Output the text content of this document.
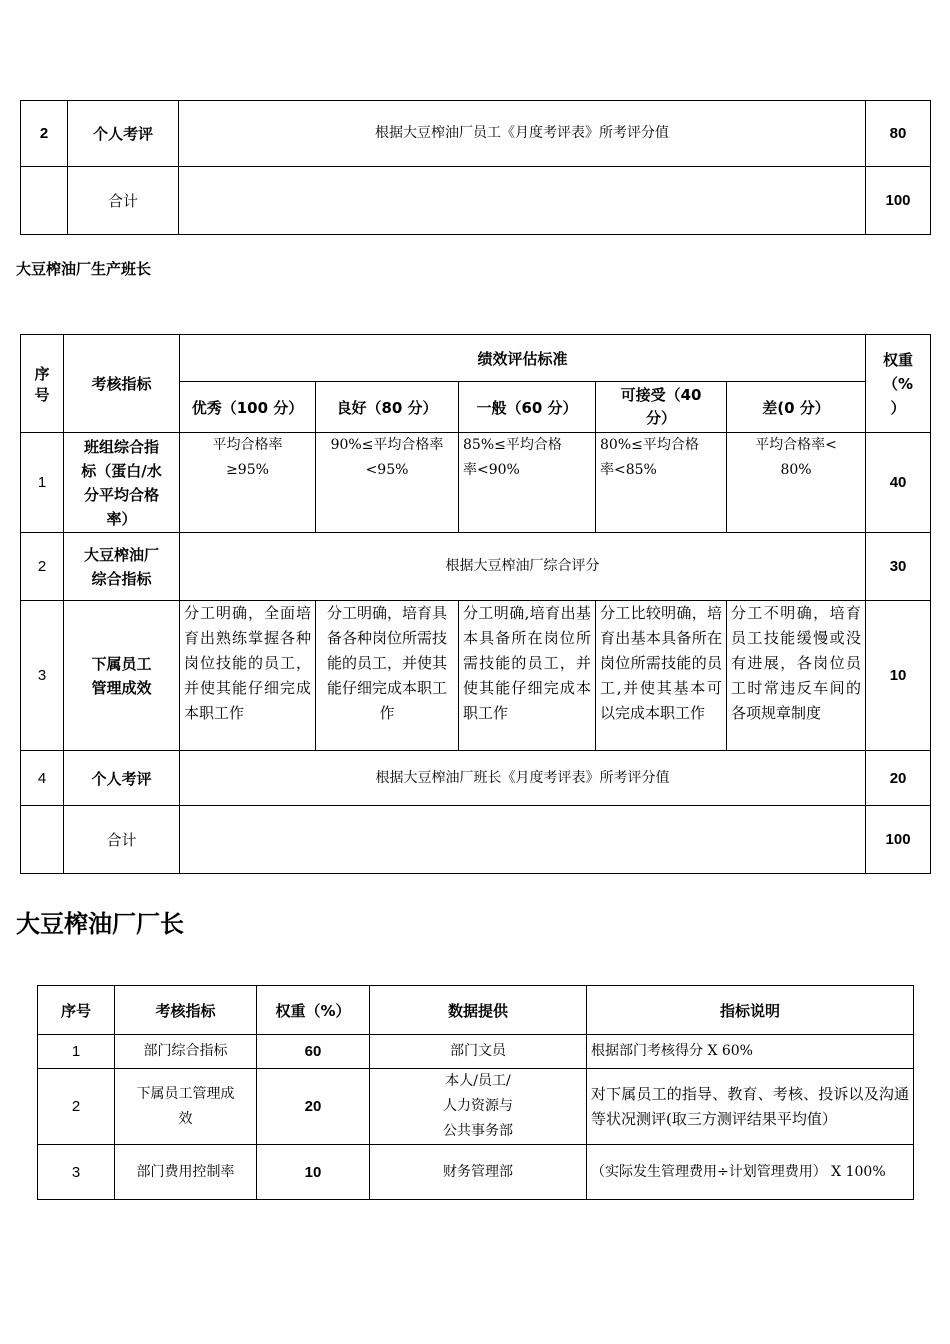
2	个人考评	根据大豆榨油厂员工《月度考评表》所考评分值	80
	合计		100
大豆榨油厂生产班长
序
号	考核指标	绩效评估标准					权重
（%
）
		优秀（100 分）	良好（80 分）	一般（60 分）	可接受（40
分）	差(0 分）	
1	班组综合指
标（蛋白/水
分平均合格
率）	平均合格率
≥95%	90%≤平均合格率
<95%	85%≤平均合格
率<90%	80%≤平均合格
率<85%	平均合格率<
80%	40
2	大豆榨油厂
综合指标	根据大豆榨油厂综合评分					30
3	下属员工
管理成效	分工明确，全面培育出熟练掌握各种岗位技能的员工，并使其能仔细完成本职工作	分工明确，培育具备各种岗位所需技能的员工，并使其能仔细完成本职工作	分工明确,培育出基本具备所在岗位所需技能的员工，并使其能仔细完成本职工作	分工比较明确，培育出基本具备所在岗位所需技能的员工,并使其基本可以完成本职工作	分工不明确，培育员工技能缓慢或没有进展，各岗位员工时常违反车间的各项规章制度	10
4	个人考评	根据大豆榨油厂班长《月度考评表》所考评分值					20
	合计						100
大豆榨油厂厂长
序号	考核指标	权重（%）	数据提供	指标说明
1	部门综合指标	60	部门文员	根据部门考核得分 X 60%
2	下属员工管理成
效	20	本人/员工/
人力资源与
公共事务部	对下属员工的指导、教育、考核、投诉以及沟通等状况测评(取三方测评结果平均值）
3	部门费用控制率	10	财务管理部	（实际发生管理费用÷计划管理费用） X 100%
